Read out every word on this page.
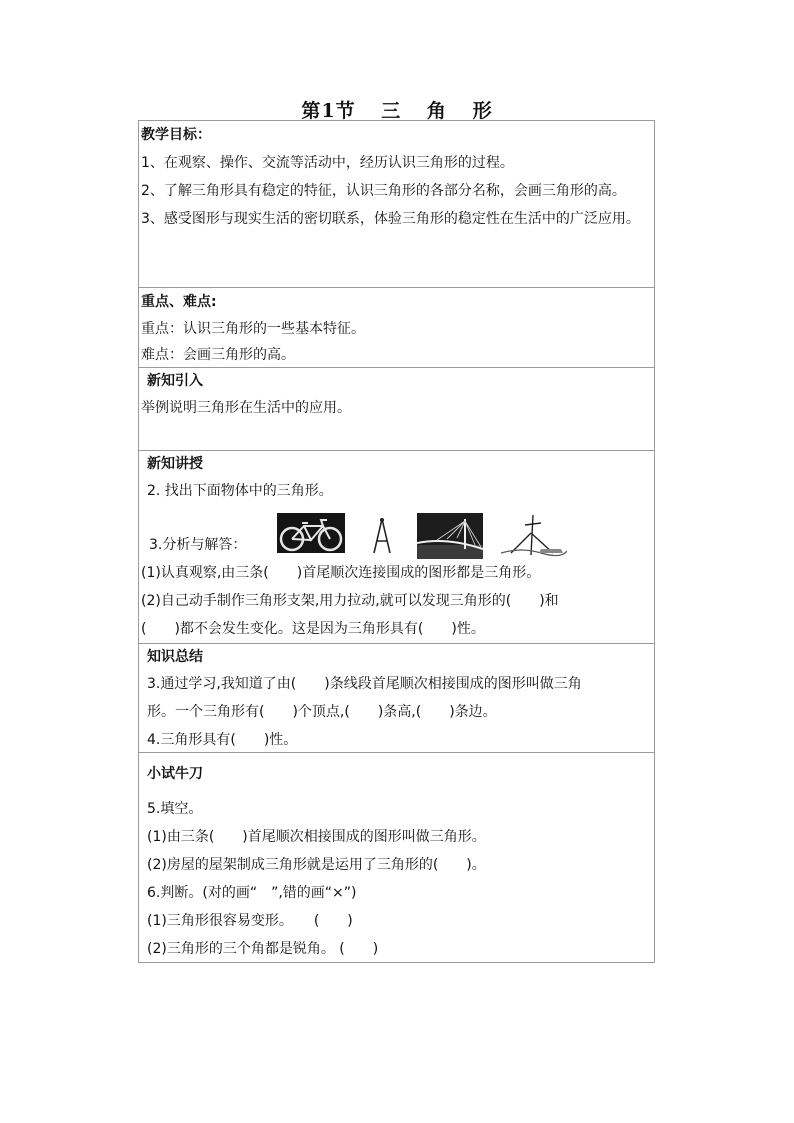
第1节 三 角 形
教学目标：
1、在观察、操作、交流等活动中，经历认识三角形的过程。
2、了解三角形具有稳定的特征，认识三角形的各部分名称，会画三角形的高。
3、感受图形与现实生活的密切联系，体验三角形的稳定性在生活中的广泛应用。
重点、难点:
重点：认识三角形的一些基本特征。
难点：会画三角形的高。
新知引入
举例说明三角形在生活中的应用。
新知讲授
2. 找出下面物体中的三角形。
3.分析与解答：
(1)认真观察,由三条(　　)首尾顺次连接围成的图形都是三角形。
(2)自己动手制作三角形支架,用力拉动,就可以发现三角形的(　　)和
(　　)都不会发生变化。这是因为三角形具有(　　)性。
知识总结
3.通过学习,我知道了由(　　)条线段首尾顺次相接围成的图形叫做三角
形。一个三角形有(　　)个顶点,(　　)条高,(　　)条边。
4.三角形具有(　　)性。
小试牛刀
5.填空。
(1)由三条(　　)首尾顺次相接围成的图形叫做三角形。
(2)房屋的屋架制成三角形就是运用了三角形的(　　)。
6.判断。(对的画“　”,错的画“×”)
(1)三角形很容易变形。　　(　　)
(2)三角形的三个角都是锐角。 (　　)
